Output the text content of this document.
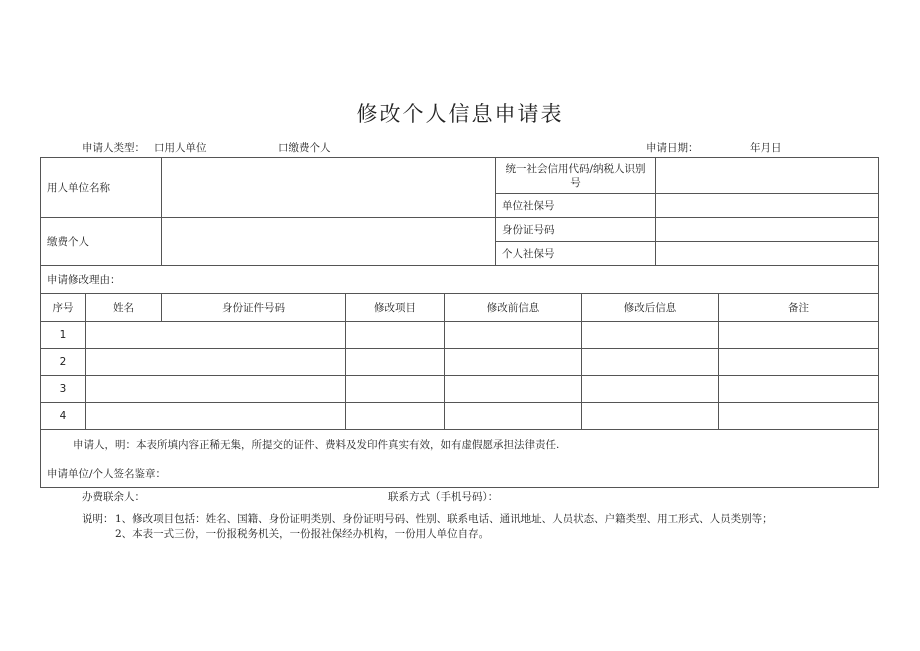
修改个人信息申请表
申请人类型： 口用人单位	口缴费个人	申请日期：	年月日
用人单位名称					统一社会信用代码/纳税人识别号			
					单位社保号			
缴费个人					身份证号码			
					个人社保号			
申请修改理由：								
序号	姓名	身份证件号码	修改项目	修改前信息		修改后信息		备注
1								
2								
3								
4								
申请人，明：本表所填内容正稀无集，所提交的证件、费料及发印件真实有效，如有虚假愿承担法律责任.								
申请单位/个人签名鉴章：								
办费联余人：	联系方式（手机号码）：
说明： 1、修改项目包括：姓名、国籍、身份证明类别、身份证明号码、性别、联系电话、通讯地址、人员状态、户籍类型、用工形式、人员类别等；
2、本表一式三份，一份报税务机关，一份报社保经办机构，一份用人单位自存。
